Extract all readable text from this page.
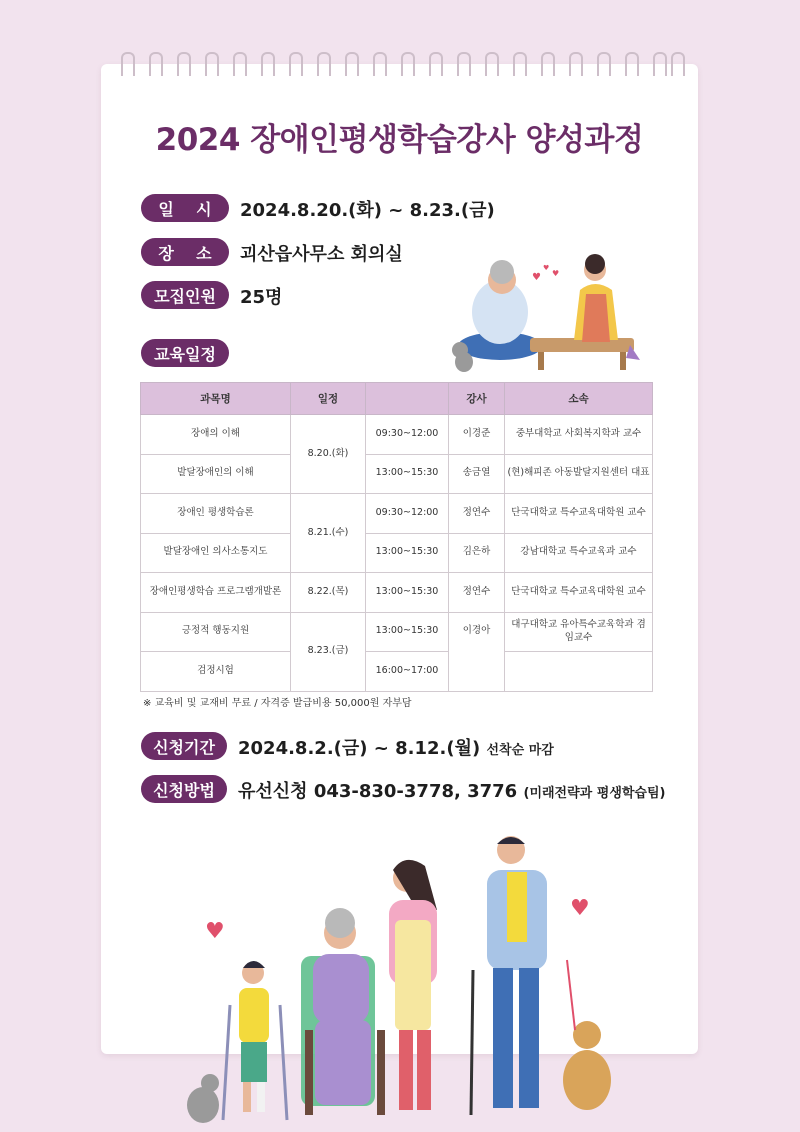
2024 장애인평생학습강사 양성과정
일    시	2024.8.20.(화) ~ 8.23.(금)
장    소	괴산읍사무소 회의실
모집인원	25명
교육일정
♥
♥
♥
과목명	일정		강사	소속
장애의 이해	8.20.(화)	09:30~12:00	이경준	중부대학교 사회복지학과 교수
발달장애인의 이해		13:00~15:30	송금열	(현)해피존 아동발달지원센터 대표
장애인 평생학습론	8.21.(수)	09:30~12:00	정연수	단국대학교 특수교육대학원 교수
발달장애인 의사소통지도		13:00~15:30	김은하	강남대학교 특수교육과 교수
장애인평생학습 프로그램개발론	8.22.(목)	13:00~15:30	정연수	단국대학교 특수교육대학원 교수
긍정적 행동지원	8.23.(금)	13:00~15:30	이경아	대구대학교 유아특수교육학과 겸임교수
검정시험		16:00~17:00		
※ 교육비 및 교재비 무료 / 자격증 발급비용 50,000원 자부담
신청기간	2024.8.2.(금) ~ 8.12.(월) 선착순 마감
신청방법	유선신청 043-830-3778, 3776 (미래전략과 평생학습팀)
♥
♥
